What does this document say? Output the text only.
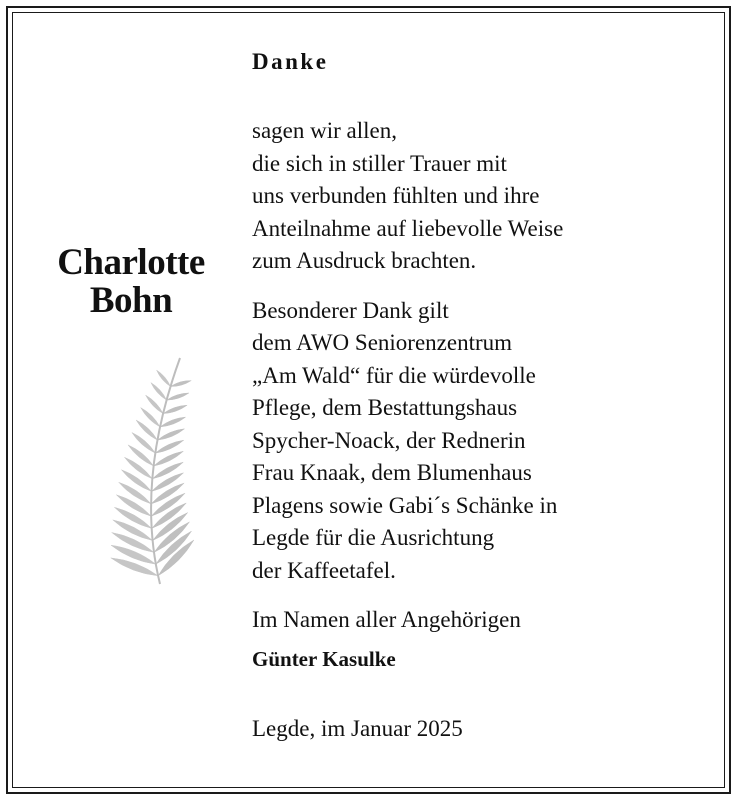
Charlotte

Bohn

Danke

sagen wir allen,
die sich in stiller Trauer mit
uns verbunden fühlten und ihre
Anteilnahme auf liebevolle Weise
zum Ausdruck brachten.

Besonderer Dank gilt
dem AWO Seniorenzentrum
„Am Wald“ für die würdevolle
Pflege, dem Bestattungshaus
Spycher-Noack, der Rednerin
Frau Knaak, dem Blumenhaus
Plagens sowie Gabi´s Schänke in
Legde für die Ausrichtung
der Kaffeetafel.

Im Namen aller Angehörigen

Günter Kasulke

Legde, im Januar 2025
